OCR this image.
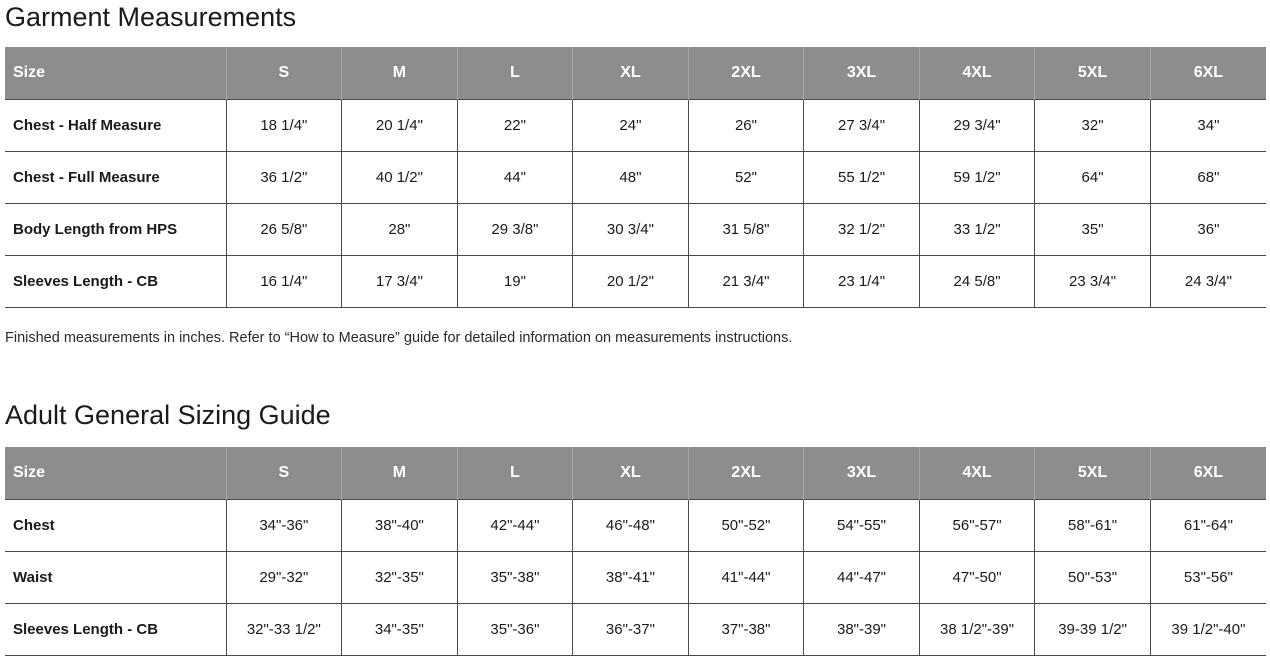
Garment Measurements
Size	S	M	L	XL	2XL	3XL	4XL	5XL	6XL
Chest - Half Measure	18 1/4"	20 1/4"	22"	24"	26"	27 3/4"	29 3/4"	32"	34"
Chest - Full Measure	36 1/2"	40 1/2"	44"	48"	52"	55 1/2"	59 1/2"	64"	68"
Body Length from HPS	26 5/8"	28"	29 3/8"	30 3/4"	31 5/8"	32 1/2"	33 1/2"	35"	36"
Sleeves Length - CB	16 1/4"	17 3/4"	19"	20 1/2"	21 3/4"	23 1/4"	24 5/8"	23 3/4"	24 3/4"

Finished measurements in inches. Refer to “How to Measure” guide for detailed information on measurements instructions.

Adult General Sizing Guide
Size	S	M	L	XL	2XL	3XL	4XL	5XL	6XL
Chest	34"-36"	38"-40"	42"-44"	46"-48"	50"-52"	54"-55"	56"-57"	58"-61"	61"-64"
Waist	29"-32"	32"-35"	35"-38"	38"-41"	41"-44"	44"-47"	47"-50"	50"-53"	53"-56"
Sleeves Length - CB	32"-33 1/2"	34"-35"	35"-36"	36"-37"	37"-38"	38"-39"	38 1/2"-39"	39-39 1/2"	39 1/2"-40"
